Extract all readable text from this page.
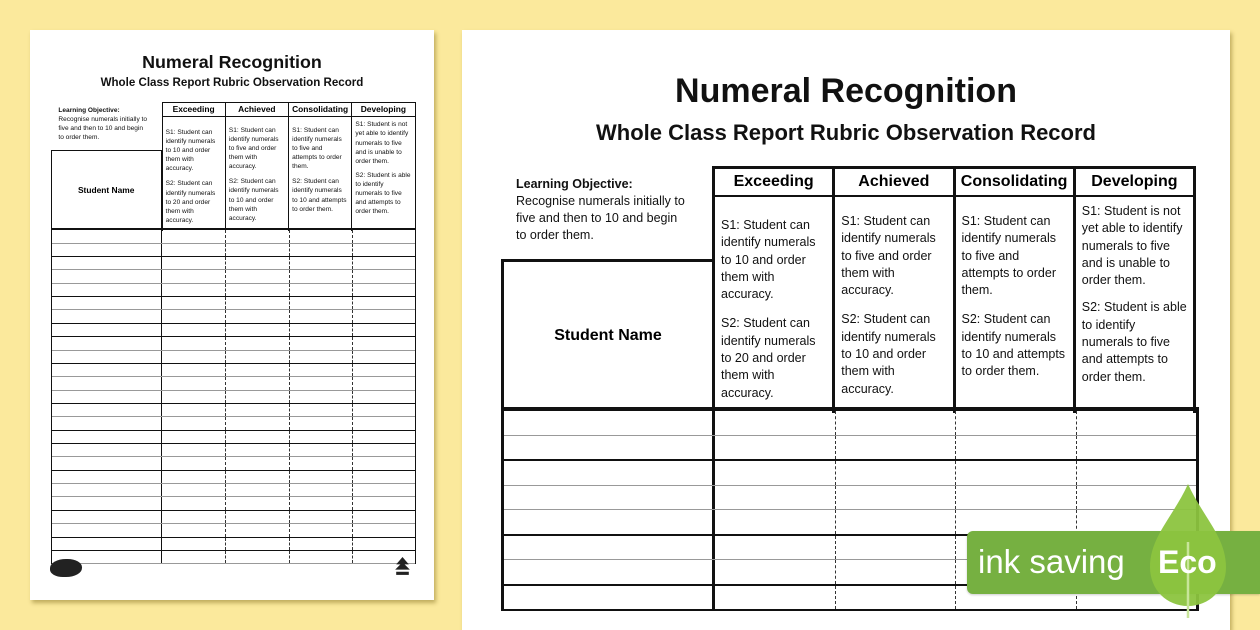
Numeral Recognition
Whole Class Report Rubric Observation Record
Learning Objective:
Recognise numerals initially to five and then to 10 and begin to order them.
Student Name
Exceeding

S1: Student can identify numerals to 10 and order them with accuracy.

S2: Student can identify numerals to 20 and order them with accuracy.

Achieved

S1: Student can identify numerals to five and order them with accuracy.

S2: Student can identify numerals to 10 and order them with accuracy.

Consolidating

S1: Student can identify numerals to five and attempts to order them.

S2: Student can identify numerals to 10 and attempts to order them.

Developing

S1: Student is not yet able to identify numerals to five and is unable to order them.

S2: Student is able to identify numerals to five and attempts to order them.

Numeral Recognition
Whole Class Report Rubric Observation Record
Learning Objective:
Recognise numerals initially to five and then to 10 and begin to order them.
Student Name
Exceeding

S1: Student can identify numerals to 10 and order them with accuracy.

S2: Student can identify numerals to 20 and order them with accuracy.

Achieved

S1: Student can identify numerals to five and order them with accuracy.

S2: Student can identify numerals to 10 and order them with accuracy.

Consolidating

S1: Student can identify numerals to five and attempts to order them.

S2: Student can identify numerals to 10 and attempts to order them.

Developing

S1: Student is not yet able to identify numerals to five and is unable to order them.

S2: Student is able to identify numerals to five and attempts to order them.

ink saving Eco
